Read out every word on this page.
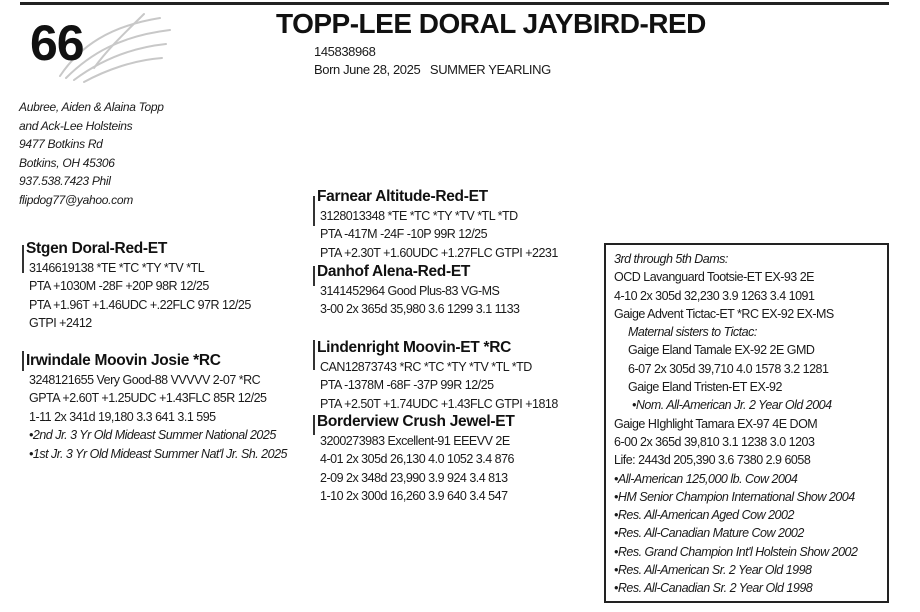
66	TOPP-LEE DORAL JAYBIRD-RED
145838968
Born June 28, 2025 SUMMER YEARLING
Aubree, Aiden & Alaina Topp
and Ack-Lee Holsteins
9477 Botkins Rd
Botkins, OH 45306
937.538.7423 Phil
flipdog77@yahoo.com
Stgen Doral-Red-ET
3146619138 *TE *TC *TY *TV *TL
PTA +1030M -28F +20P 98R 12/25
PTA +1.96T +1.46UDC +.22FLC 97R 12/25
GTPI +2412
Irwindale Moovin Josie *RC
3248121655 Very Good-88 VVVVV 2-07 *RC
GPTA +2.60T +1.25UDC +1.43FLC 85R 12/25
1-11 2x 341d 19,180 3.3 641 3.1 595
•2nd Jr. 3 Yr Old Mideast Summer National 2025
•1st Jr. 3 Yr Old Mideast Summer Nat'l Jr. Sh. 2025
Farnear Altitude-Red-ET
3128013348 *TE *TC *TY *TV *TL *TD
PTA -417M -24F -10P 99R 12/25
PTA +2.30T +1.60UDC +1.27FLC GTPI +2231
Danhof Alena-Red-ET
3141452964 Good Plus-83 VG-MS
3-00 2x 365d 35,980 3.6 1299 3.1 1133
Lindenright Moovin-ET *RC
CAN12873743 *RC *TC *TY *TV *TL *TD
PTA -1378M -68F -37P 99R 12/25
PTA +2.50T +1.74UDC +1.43FLC GTPI +1818
Borderview Crush Jewel-ET
3200273983 Excellent-91 EEEVV 2E
4-01 2x 305d 26,130 4.0 1052 3.4 876
2-09 2x 348d 23,990 3.9 924 3.4 813
1-10 2x 300d 16,260 3.9 640 3.4 547
3rd through 5th Dams:
OCD Lavanguard Tootsie-ET EX-93 2E
4-10 2x 305d 32,230 3.9 1263 3.4 1091
Gaige Advent Tictac-ET *RC EX-92 EX-MS
Maternal sisters to Tictac:
Gaige Eland Tamale EX-92 2E GMD
6-07 2x 305d 39,710 4.0 1578 3.2 1281
Gaige Eland Tristen-ET EX-92
•Nom. All-American Jr. 2 Year Old 2004
Gaige HIghlight Tamara EX-97 4E DOM
6-00 2x 365d 39,810 3.1 1238 3.0 1203
Life: 2443d 205,390 3.6 7380 2.9 6058
•All-American 125,000 lb. Cow 2004
•HM Senior Champion International Show 2004
•Res. All-American Aged Cow 2002
•Res. All-Canadian Mature Cow 2002
•Res. Grand Champion Int'l Holstein Show 2002
•Res. All-American Sr. 2 Year Old 1998
•Res. All-Canadian Sr. 2 Year Old 1998
